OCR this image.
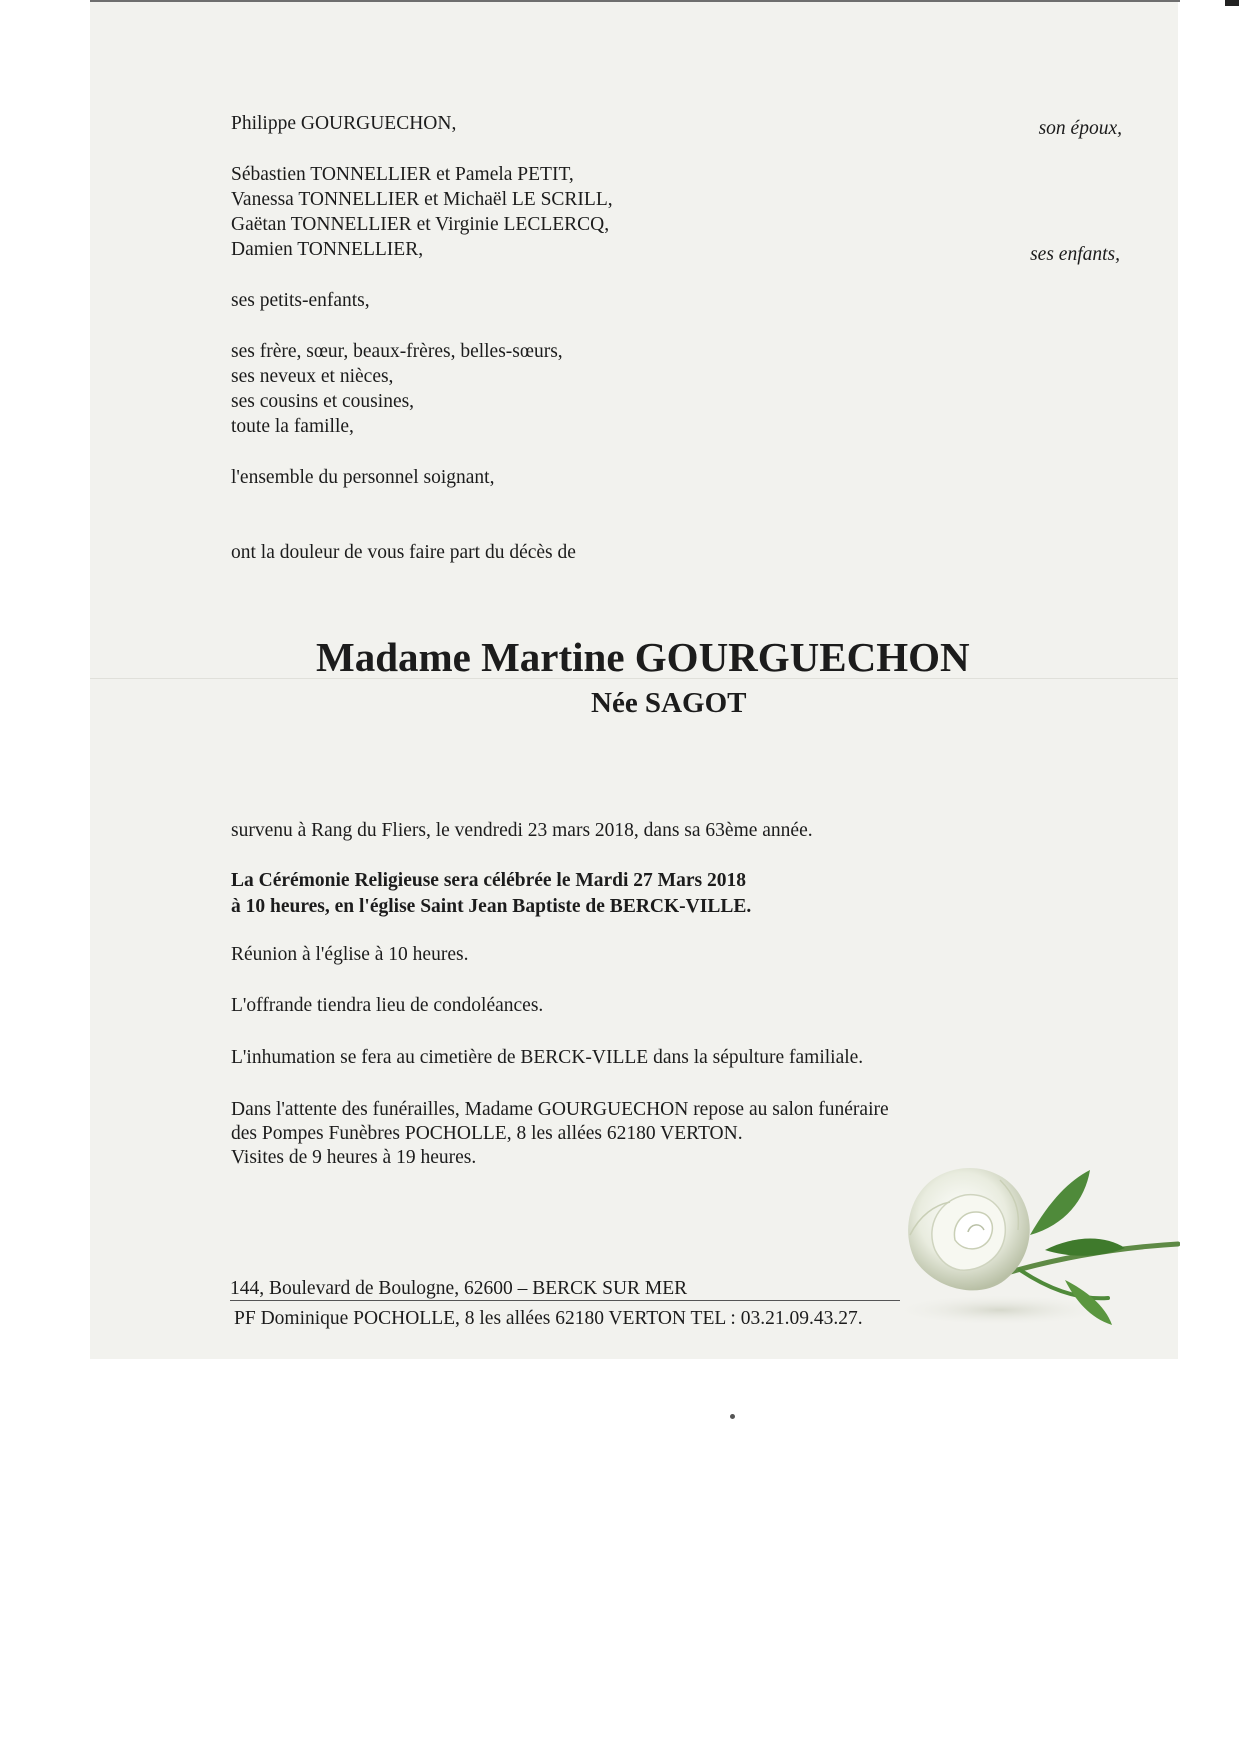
Philippe GOURGUECHON,	son époux,
Sébastien TONNELLIER et Pamela PETIT,
Vanessa TONNELLIER et Michaël LE SCRILL,
Gaëtan TONNELLIER et Virginie LECLERCQ,
Damien TONNELLIER,	ses enfants,
ses petits-enfants,
ses frère, sœur, beaux-frères, belles-sœurs,
ses neveux et nièces,
ses cousins et cousines,
toute la famille,
l'ensemble du personnel soignant,
ont la douleur de vous faire part du décès de
Madame Martine GOURGUECHON
Née SAGOT
survenu à Rang du Fliers, le vendredi 23 mars 2018, dans sa 63ème année.
La Cérémonie Religieuse sera célébrée le Mardi 27 Mars 2018
à 10 heures, en l'église Saint Jean Baptiste de BERCK-VILLE.
Réunion à l'église à 10 heures.
L'offrande tiendra lieu de condoléances.
L'inhumation se fera au cimetière de BERCK-VILLE dans la sépulture familiale.
Dans l'attente des funérailles, Madame GOURGUECHON repose au salon funéraire
des Pompes Funèbres POCHOLLE, 8 les allées 62180 VERTON.
Visites de 9 heures à 19 heures.
144, Boulevard de Boulogne, 62600 – BERCK SUR MER
PF Dominique POCHOLLE, 8 les allées 62180 VERTON TEL : 03.21.09.43.27.
